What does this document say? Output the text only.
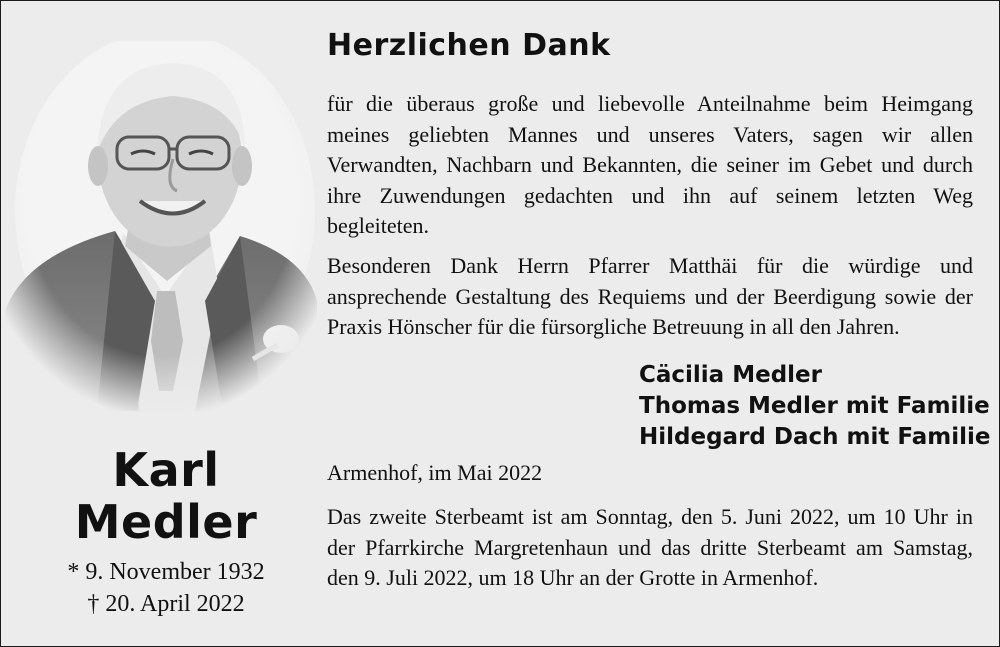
Karl
Medler
* 9. November 1932
† 20. April 2022
Herzlichen Dank

für die überaus große und liebevolle Anteilnahme beim Heimgang meines geliebten Mannes und unseres Vaters, sagen wir allen Verwandten, Nachbarn und Bekannten, die seiner im Gebet und durch ihre Zuwendungen gedachten und ihn auf seinem letzten Weg begleiteten.

Besonderen Dank Herrn Pfarrer Matthäi für die würdige und ansprechende Gestaltung des Requiems und der Beerdigung sowie der Praxis Hönscher für die fürsorgliche Betreuung in all den Jahren.

Cäcilia Medler
Thomas Medler mit Familie
Hildegard Dach mit Familie
Armenhof, im Mai 2022

Das zweite Sterbeamt ist am Sonntag, den 5. Juni 2022, um 10 Uhr in der Pfarrkirche Margretenhaun und das dritte Sterbeamt am Samstag, den 9. Juli 2022, um 18 Uhr an der Grotte in Armenhof.
